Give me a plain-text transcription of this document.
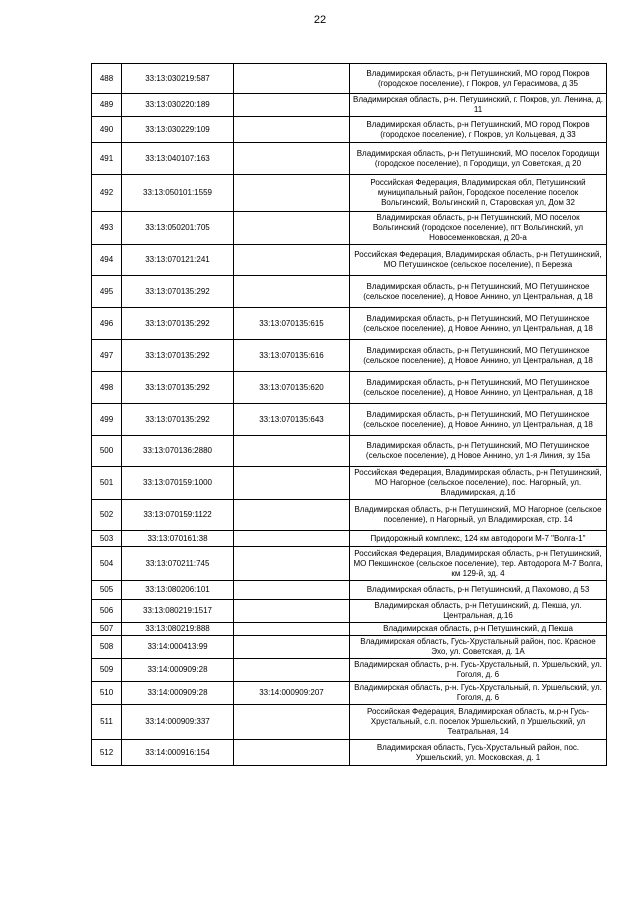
22
488	33:13:030219:587		Владимирская область, р-н Петушинский, МО город Покров (городское поселение), г Покров, ул Герасимова, д 35
489	33:13:030220:189		Владимирская область, р-н. Петушинский, г. Покров, ул. Ленина, д. 11
490	33:13:030229:109		Владимирская область, р-н Петушинский, МО город Покров (городское поселение), г Покров, ул Кольцевая, д 33
491	33:13:040107:163		Владимирская область, р-н Петушинский, МО поселок Городищи (городское поселение), п Городищи, ул Советская, д 20
492	33:13:050101:1559		Российская Федерация, Владимирская обл, Петушинский муниципальный район, Городское поселение поселок Вольгинский, Вольгинский п, Старовская ул, Дом 32
493	33:13:050201:705		Владимирская область, р-н Петушинский, МО поселок Вольгинский (городское поселение), пгт Вольгинский, ул Новосеменковская, д 20-а
494	33:13:070121:241		Российская Федерация, Владимирская область, р-н Петушинский, МО Петушинское (сельское поселение), п Березка
495	33:13:070135:292		Владимирская область, р-н Петушинский, МО Петушинское (сельское поселение), д Новое Аннино, ул Центральная, д 18
496	33:13:070135:292	33:13:070135:615	Владимирская область, р-н Петушинский, МО Петушинское (сельское поселение), д Новое Аннино, ул Центральная, д 18
497	33:13:070135:292	33:13:070135:616	Владимирская область, р-н Петушинский, МО Петушинское (сельское поселение), д Новое Аннино, ул Центральная, д 18
498	33:13:070135:292	33:13:070135:620	Владимирская область, р-н Петушинский, МО Петушинское (сельское поселение), д Новое Аннино, ул Центральная, д 18
499	33:13:070135:292	33:13:070135:643	Владимирская область, р-н Петушинский, МО Петушинское (сельское поселение), д Новое Аннино, ул Центральная, д 18
500	33:13:070136:2880		Владимирская область, р-н Петушинский, МО Петушинское (сельское поселение), д Новое Аннино, ул 1-я Линия, зу 15а
501	33:13:070159:1000		Российская Федерация, Владимирская область, р-н Петушинский, МО Нагорное (сельское поселение), пос. Нагорный, ул. Владимирская, д.1б
502	33:13:070159:1122		Владимирская область, р-н Петушинский, МО Нагорное (сельское поселение), п Нагорный, ул Владимирская, стр. 14
503	33:13:070161:38		Придорожный комплекс, 124 км автодороги М-7 "Волга-1"
504	33:13:070211:745		Российская Федерация, Владимирская область, р-н Петушинский, МО Пекшинское (сельское поселение), тер. Автодорога М-7 Волга, км 129-й, зд. 4
505	33:13:080206:101		Владимирская область, р-н Петушинский, д Пахомово, д 53
506	33:13:080219:1517		Владимирская область, р-н Петушинский, д. Пекша, ул. Центральная, д.16
507	33:13:080219:888		Владимирская область, р-н Петушинский, д Пекша
508	33:14:000413:99		Владимирская область, Гусь-Хрустальный район, пос. Красное Эхо, ул. Советская, д. 1А
509	33:14:000909:28		Владимирская область, р-н. Гусь-Хрустальный, п. Уршельский, ул. Гоголя, д. 6
510	33:14:000909:28	33:14:000909:207	Владимирская область, р-н. Гусь-Хрустальный, п. Уршельский, ул. Гоголя, д. 6
511	33:14:000909:337		Российская Федерация, Владимирская область, м.р-н Гусь-Хрустальный, с.п. поселок Уршельский, п Уршельский, ул Театральная, 14
512	33:14:000916:154		Владимирская область, Гусь-Хрустальный район, пос. Уршельский, ул. Московская, д. 1
